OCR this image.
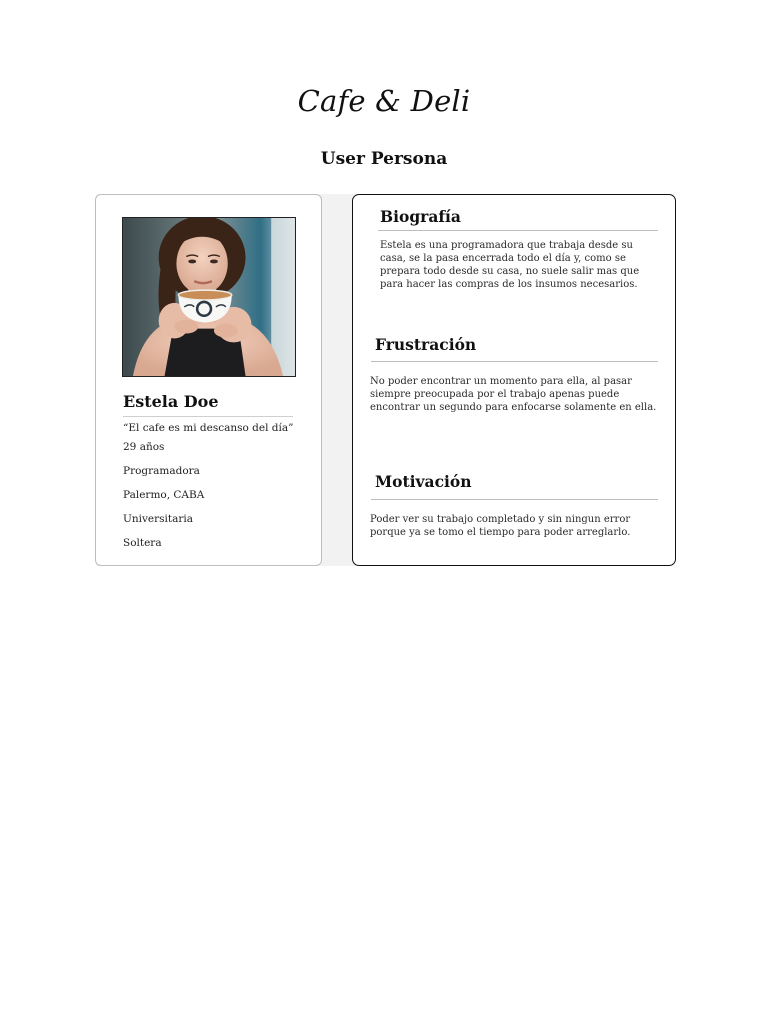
Cafe & Deli
User Persona
Estela Doe
“El cafe es mi descanso del día”
29 años
Programadora
Palermo, CABA
Universitaria
Soltera
Biografía
Estela es una programadora que trabaja desde su
casa, se la pasa encerrada todo el día y, como se
prepara todo desde su casa, no suele salir mas que
para hacer las compras de los insumos necesarios.
Frustración
No poder encontrar un momento para ella, al pasar
siempre preocupada por el trabajo apenas puede
encontrar un segundo para enfocarse solamente en ella.
Motivación
Poder ver su trabajo completado y sin ningun error
porque ya se tomo el tiempo para poder arreglarlo.
